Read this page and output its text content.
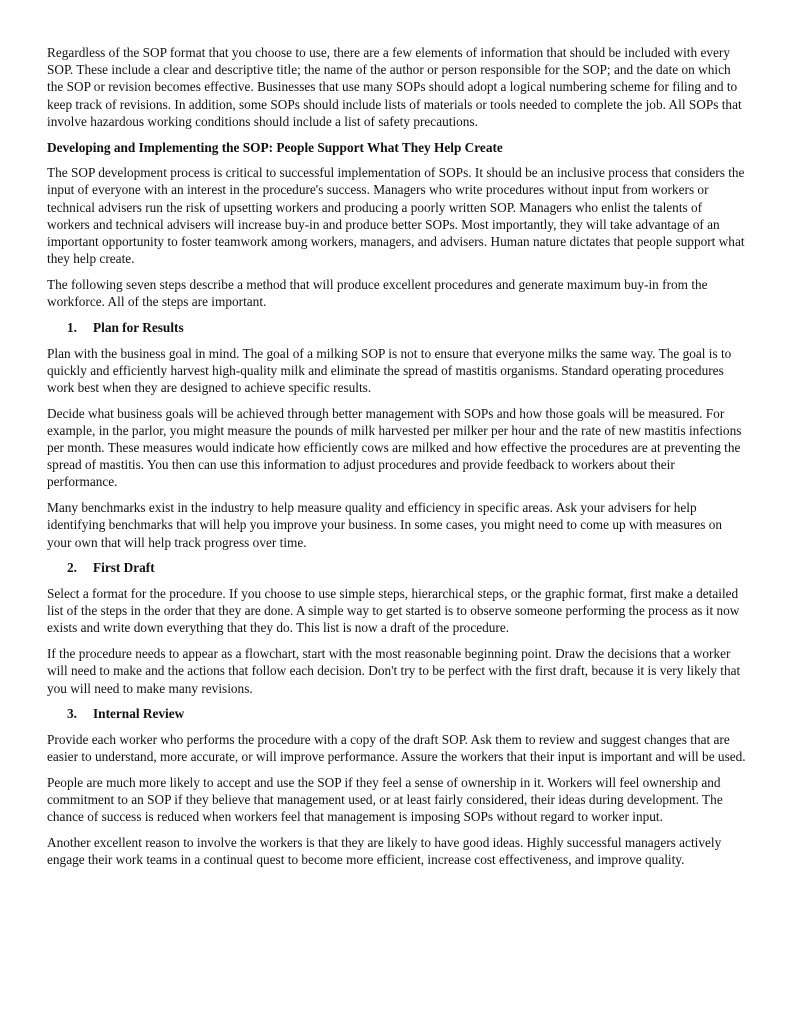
Regardless of the SOP format that you choose to use, there are a few elements of information that should be included with every SOP. These include a clear and descriptive title; the name of the author or person responsible for the SOP; and the date on which the SOP or revision becomes effective. Businesses that use many SOPs should adopt a logical numbering scheme for filing and to keep track of revisions. In addition, some SOPs should include lists of materials or tools needed to complete the job. All SOPs that involve hazardous working conditions should include a list of safety precautions.

Developing and Implementing the SOP: People Support What They Help Create

The SOP development process is critical to successful implementation of SOPs. It should be an inclusive process that considers the input of everyone with an interest in the procedure's success. Managers who write procedures without input from workers or technical advisers run the risk of upsetting workers and producing a poorly written SOP. Managers who enlist the talents of workers and technical advisers will increase buy-in and produce better SOPs. Most importantly, they will take advantage of an important opportunity to foster teamwork among workers, managers, and advisers. Human nature dictates that people support what they help create.

The following seven steps describe a method that will produce excellent procedures and generate maximum buy-in from the workforce. All of the steps are important.

1.	Plan for Results

Plan with the business goal in mind. The goal of a milking SOP is not to ensure that everyone milks the same way. The goal is to quickly and efficiently harvest high-quality milk and eliminate the spread of mastitis organisms. Standard operating procedures work best when they are designed to achieve specific results.

Decide what business goals will be achieved through better management with SOPs and how those goals will be measured. For example, in the parlor, you might measure the pounds of milk harvested per milker per hour and the rate of new mastitis infections per month. These measures would indicate how efficiently cows are milked and how effective the procedures are at preventing the spread of mastitis. You then can use this information to adjust procedures and provide feedback to workers about their performance.

Many benchmarks exist in the industry to help measure quality and efficiency in specific areas. Ask your advisers for help identifying benchmarks that will help you improve your business. In some cases, you might need to come up with measures on your own that will help track progress over time.

2.	First Draft

Select a format for the procedure. If you choose to use simple steps, hierarchical steps, or the graphic format, first make a detailed list of the steps in the order that they are done. A simple way to get started is to observe someone performing the process as it now exists and write down everything that they do. This list is now a draft of the procedure.

If the procedure needs to appear as a flowchart, start with the most reasonable beginning point. Draw the decisions that a worker will need to make and the actions that follow each decision. Don't try to be perfect with the first draft, because it is very likely that you will need to make many revisions.

3.	Internal Review

Provide each worker who performs the procedure with a copy of the draft SOP. Ask them to review and suggest changes that are easier to understand, more accurate, or will improve performance. Assure the workers that their input is important and will be used.

People are much more likely to accept and use the SOP if they feel a sense of ownership in it. Workers will feel ownership and commitment to an SOP if they believe that management used, or at least fairly considered, their ideas during development. The chance of success is reduced when workers feel that management is imposing SOPs without regard to worker input.

Another excellent reason to involve the workers is that they are likely to have good ideas. Highly successful managers actively engage their work teams in a continual quest to become more efficient, increase cost effectiveness, and improve quality.
